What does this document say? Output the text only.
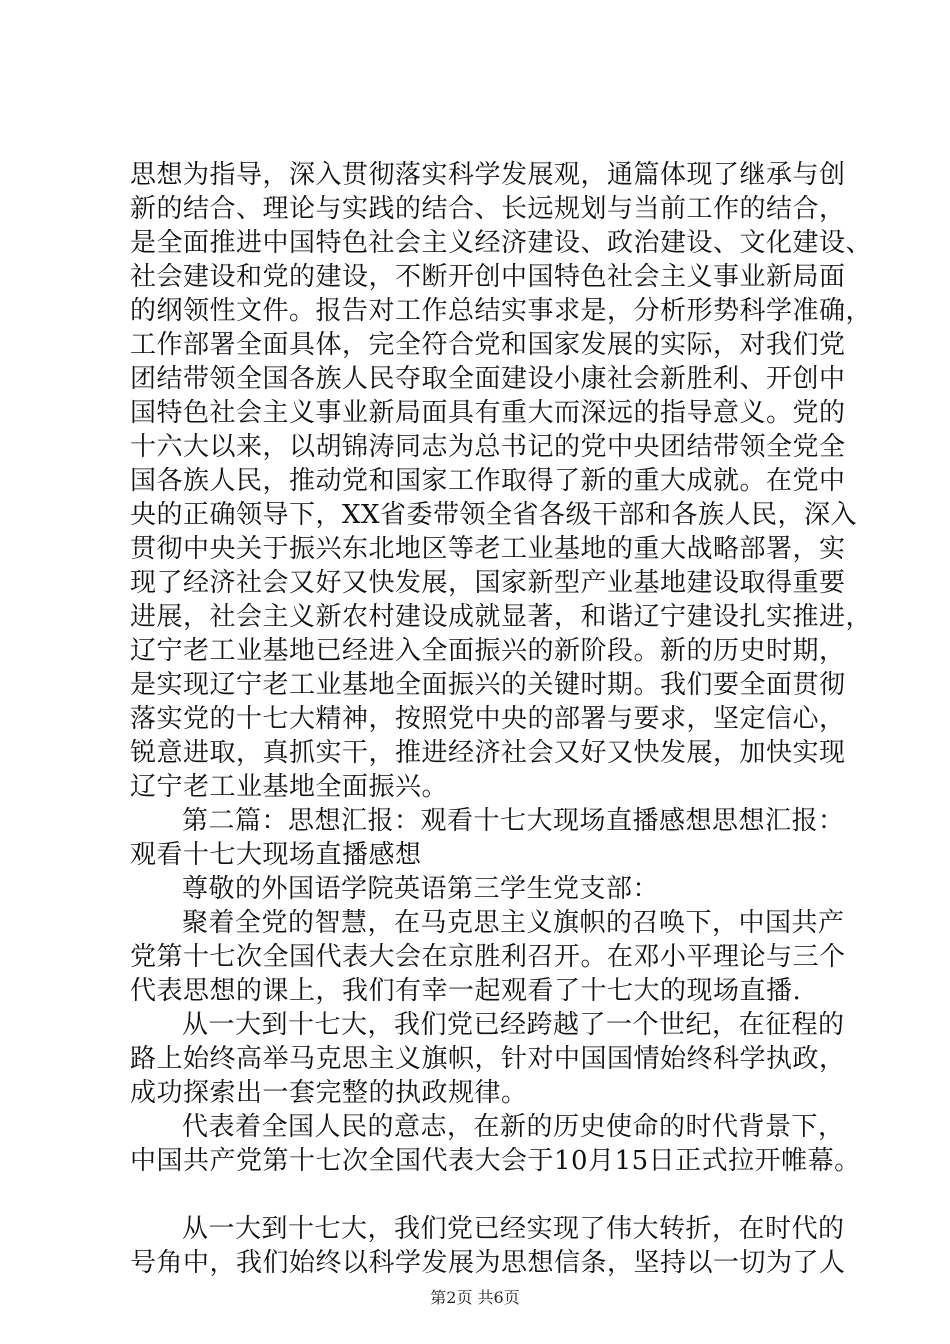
思想为指导，深入贯彻落实科学发展观，通篇体现了继承与创
新的结合、理论与实践的结合、长远规划与当前工作的结合，
是全面推进中国特色社会主义经济建设、政治建设、文化建设、
社会建设和党的建设，不断开创中国特色社会主义事业新局面
的纲领性文件。报告对工作总结实事求是，分析形势科学准确，
工作部署全面具体，完全符合党和国家发展的实际，对我们党
团结带领全国各族人民夺取全面建设小康社会新胜利、开创中
国特色社会主义事业新局面具有重大而深远的指导意义。党的
十六大以来，以胡锦涛同志为总书记的党中央团结带领全党全
国各族人民，推动党和国家工作取得了新的重大成就。在党中
央的正确领导下，XX省委带领全省各级干部和各族人民，深入
贯彻中央关于振兴东北地区等老工业基地的重大战略部署，实
现了经济社会又好又快发展，国家新型产业基地建设取得重要
进展，社会主义新农村建设成就显著，和谐辽宁建设扎实推进，
辽宁老工业基地已经进入全面振兴的新阶段。新的历史时期，
是实现辽宁老工业基地全面振兴的关键时期。我们要全面贯彻
落实党的十七大精神，按照党中央的部署与要求，坚定信心，
锐意进取，真抓实干，推进经济社会又好又快发展，加快实现
辽宁老工业基地全面振兴。
第二篇：思想汇报：观看十七大现场直播感想思想汇报：
观看十七大现场直播感想
尊敬的外国语学院英语第三学生党支部：
聚着全党的智慧，在马克思主义旗帜的召唤下，中国共产
党第十七次全国代表大会在京胜利召开。在邓小平理论与三个
代表思想的课上，我们有幸一起观看了十七大的现场直播.
从一大到十七大，我们党已经跨越了一个世纪，在征程的
路上始终高举马克思主义旗帜，针对中国国情始终科学执政，
成功探索出一套完整的执政规律。
代表着全国人民的意志，在新的历史使命的时代背景下，
中国共产党第十七次全国代表大会于10月15日正式拉开帷幕。
从一大到十七大，我们党已经实现了伟大转折，在时代的
号角中，我们始终以科学发展为思想信条，坚持以一切为了人
第2页 共6页
